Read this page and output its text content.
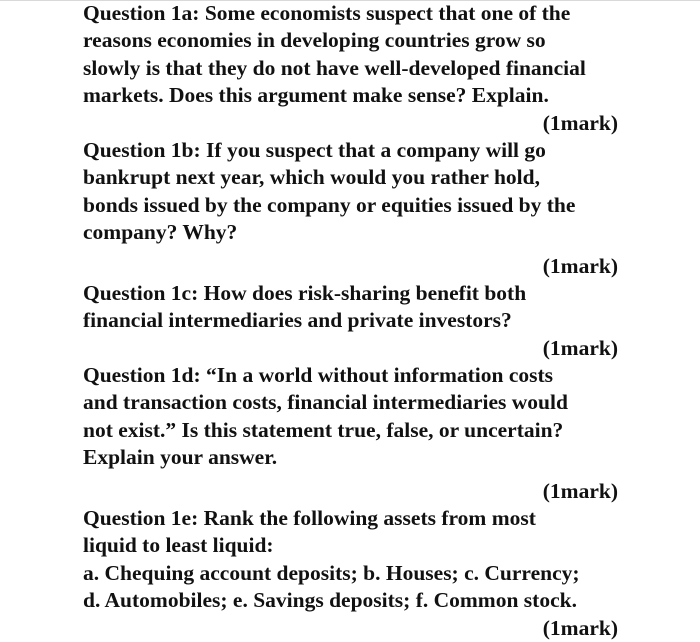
Question 1a: Some economists suspect that one of the
reasons economies in developing countries grow so
slowly is that they do not have well-developed financial
markets. Does this argument make sense? Explain.
(1mark)
Question 1b: If you suspect that a company will go
bankrupt next year, which would you rather hold,
bonds issued by the company or equities issued by the
company? Why?
(1mark)
Question 1c: How does risk-sharing benefit both
financial intermediaries and private investors?
(1mark)
Question 1d: “In a world without information costs
and transaction costs, financial intermediaries would
not exist.” Is this statement true, false, or uncertain?
Explain your answer.
(1mark)
Question 1e: Rank the following assets from most
liquid to least liquid:
a. Chequing account deposits; b. Houses; c. Currency;
d. Automobiles; e. Savings deposits; f. Common stock.
(1mark)
